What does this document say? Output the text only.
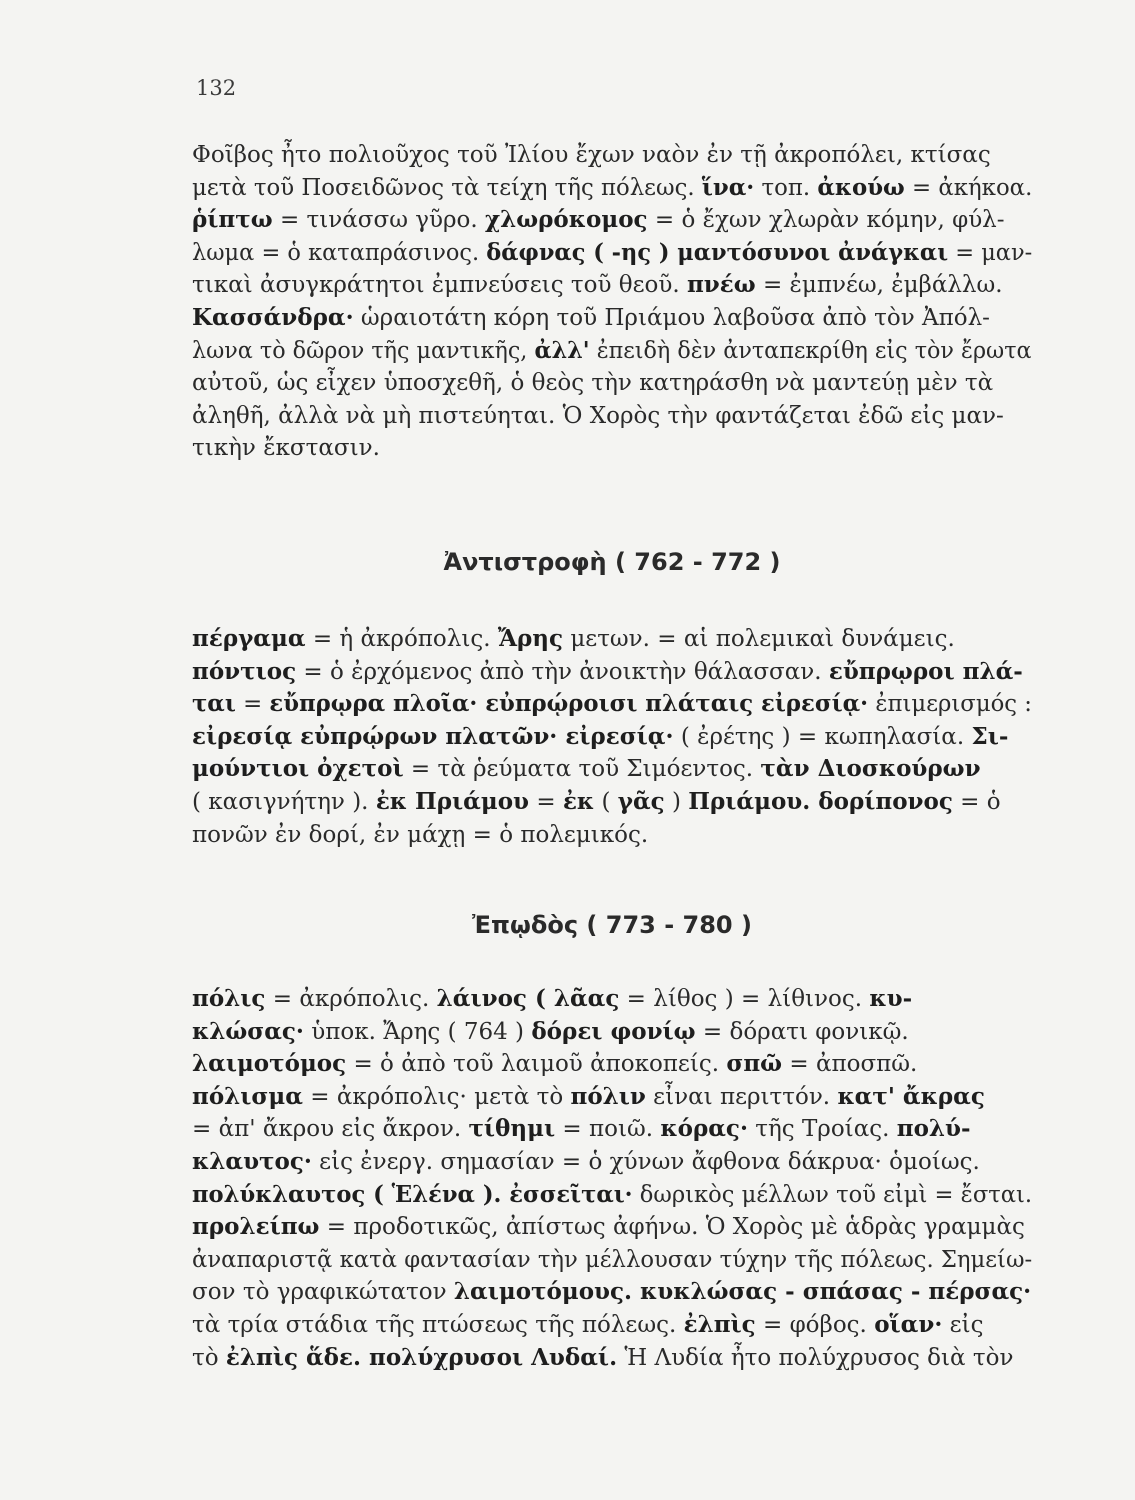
132
Φοῖβος ἦτο πολιοῦχος τοῦ Ἰλίου ἔχων ναὸν ἐν τῇ ἀκροπόλει, κτίσας
μετὰ τοῦ Ποσειδῶνος τὰ τείχη τῆς πόλεως. ἵνα· τοπ. ἀκούω = ἀκήκοα.
ῥίπτω = τινάσσω γῦρο. χλωρόκομος = ὁ ἔχων χλωρὰν κόμην, φύλ-
λωμα = ὁ καταπράσινος. δάφνας ( -ης ) μαντόσυνοι ἀνάγκαι = μαν-
τικαὶ ἀσυγκράτητοι ἐμπνεύσεις τοῦ θεοῦ. πνέω = ἐμπνέω, ἐμβάλλω.
Κασσάνδρα· ὡραιοτάτη κόρη τοῦ Πριάμου λαβοῦσα ἀπὸ τὸν Ἀπόλ-
λωνα τὸ δῶρον τῆς μαντικῆς, ἀλλ' ἐπειδὴ δὲν ἀνταπεκρίθη εἰς τὸν ἔρωτα
αὐτοῦ, ὡς εἶχεν ὑποσχεθῆ, ὁ θεὸς τὴν κατηράσθη νὰ μαντεύῃ μὲν τὰ
ἀληθῆ, ἀλλὰ νὰ μὴ πιστεύηται. Ὁ Χορὸς τὴν φαντάζεται ἐδῶ εἰς μαν-
τικὴν ἔκστασιν.
Ἀντιστροφὴ ( 762 - 772 )
πέργαμα = ἡ ἀκρόπολις. Ἄρης μετων. = αἱ πολεμικαὶ δυνάμεις.
πόντιος = ὁ ἐρχόμενος ἀπὸ τὴν ἀνοικτὴν θάλασσαν. εὔπρῳροι πλά-
ται = εὔπρῳρα πλοῖα· εὐπρῴροισι πλάταις εἰρεσίᾳ· ἐπιμερισμός :
εἰρεσίᾳ εὐπρῴρων πλατῶν· εἰρεσίᾳ· ( ἐρέτης ) = κωπηλασία. Σι-
μούντιοι ὀχετοὶ = τὰ ῥεύματα τοῦ Σιμόεντος. τὰν Διοσκούρων
( κασιγνήτην ). ἐκ Πριάμου = ἐκ ( γᾶς ) Πριάμου. δορίπονος = ὁ
πονῶν ἐν δορί, ἐν μάχῃ = ὁ πολεμικός.
Ἐπῳδὸς ( 773 - 780 )
πόλις = ἀκρόπολις. λάινος ( λᾶας = λίθος ) = λίθινος. κυ-
κλώσας· ὑποκ. Ἄρης ( 764 ) δόρει φονίῳ = δόρατι φονικῷ.
λαιμοτόμος = ὁ ἀπὸ τοῦ λαιμοῦ ἀποκοπείς. σπῶ = ἀποσπῶ.
πόλισμα = ἀκρόπολις· μετὰ τὸ πόλιν εἶναι περιττόν. κατ' ἄκρας
= ἀπ' ἄκρου εἰς ἄκρον. τίθημι = ποιῶ. κόρας· τῆς Τροίας. πολύ-
κλαυτος· εἰς ἐνεργ. σημασίαν = ὁ χύνων ἄφθονα δάκρυα· ὁμοίως.
πολύκλαυτος ( Ἑλένα ). ἐσσεῖται· δωρικὸς μέλλων τοῦ εἰμὶ = ἔσται.
προλείπω = προδοτικῶς, ἀπίστως ἀφήνω. Ὁ Χορὸς μὲ ἁδρὰς γραμμὰς
ἀναπαριστᾷ κατὰ φαντασίαν τὴν μέλλουσαν τύχην τῆς πόλεως. Σημείω-
σον τὸ γραφικώτατον λαιμοτόμους. κυκλώσας - σπάσας - πέρσας·
τὰ τρία στάδια τῆς πτώσεως τῆς πόλεως. ἐλπὶς = φόβος. οἵαν· εἰς
τὸ ἐλπὶς ἅδε. πολύχρυσοι Λυδαί. Ἡ Λυδία ἦτο πολύχρυσος διὰ τὸν
